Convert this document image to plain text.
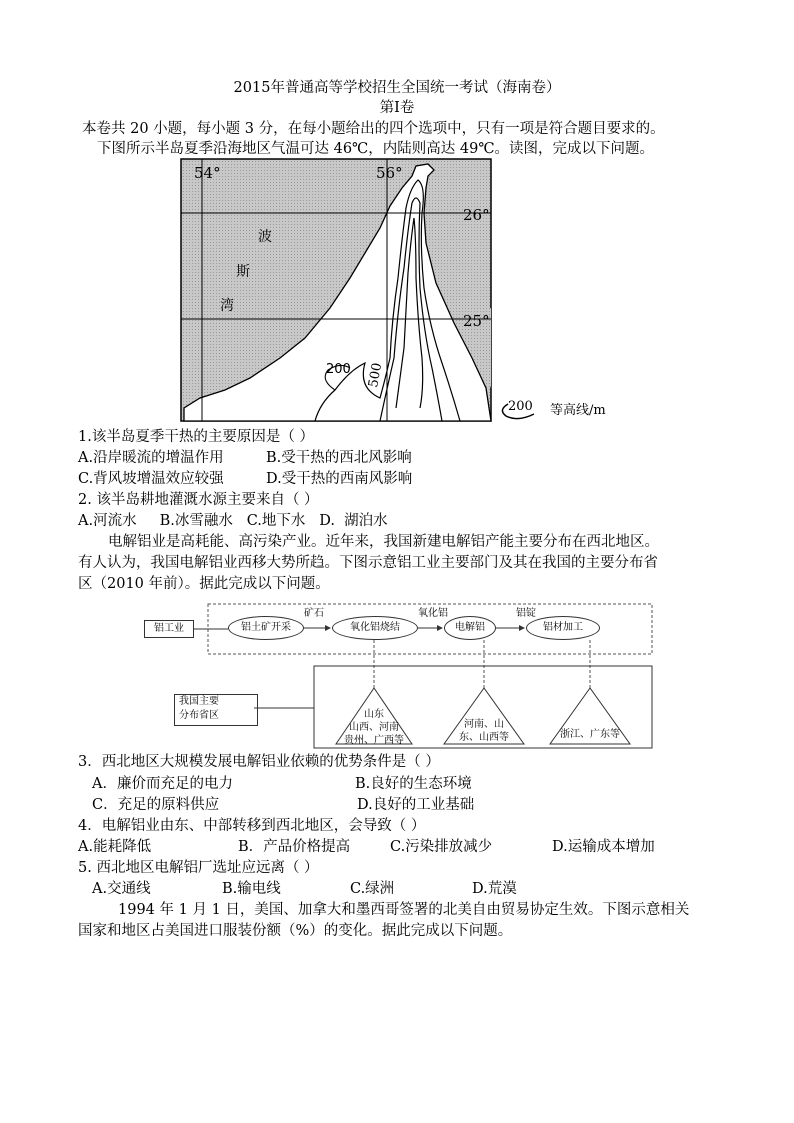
2015年普通高等学校招生全国统一考试（海南卷）
第Ⅰ卷
本卷共 20 小题，每小题 3 分，在每小题给出的四个选项中，只有一项是符合题目要求的。
下图所示半岛夏季沿海地区气温可达 46℃，内陆则高达 49℃。读图，完成以下问题。
54°	56°
26°
25°
波
斯
湾
200 500
200 等高线/m
1.该半岛夏季干热的主要原因是（ ）
A.沿岸暖流的增温作用	B.受干热的西北风影响
C.背风坡增温效应较强	D.受干热的西南风影响
2. 该半岛耕地灌溉水源主要来自（ ）
A.河流水     B.冰雪融水   C.地下水   D.  湖泊水
电解铝业是高耗能、高污染产业。近年来，我国新建电解铝产能主要分布在西北地区。
有人认为，我国电解铝业西移大势所趋。下图示意铝工业主要部门及其在我国的主要分布省
区（2010 年前）。据此完成以下问题。
铝工业	铝土矿开采	氧化铝烧结	电解铝	铝材加工
矿石	氧化铝	铝锭
我国主要
分布省区	山东
山西、河南
贵州、广西等
河南、山
东、山西等	浙江、广东等
3．西北地区大规模发展电解铝业依赖的优势条件是（ ）
A．廉价而充足的电力	B.良好的生态环境
C．充足的原料供应	D.良好的工业基础
4．电解铝业由东、中部转移到西北地区，会导致（ ）
A.能耗降低	B．产品价格提高	C.污染排放减少	D.运输成本增加
5. 西北地区电解铝厂选址应远离（ ）
A.交通线	B.输电线	C.绿洲	D.荒漠
1994 年 1 月 1 日，美国、加拿大和墨西哥签署的北美自由贸易协定生效。下图示意相关
国家和地区占美国进口服装份额（%）的变化。据此完成以下问题。
